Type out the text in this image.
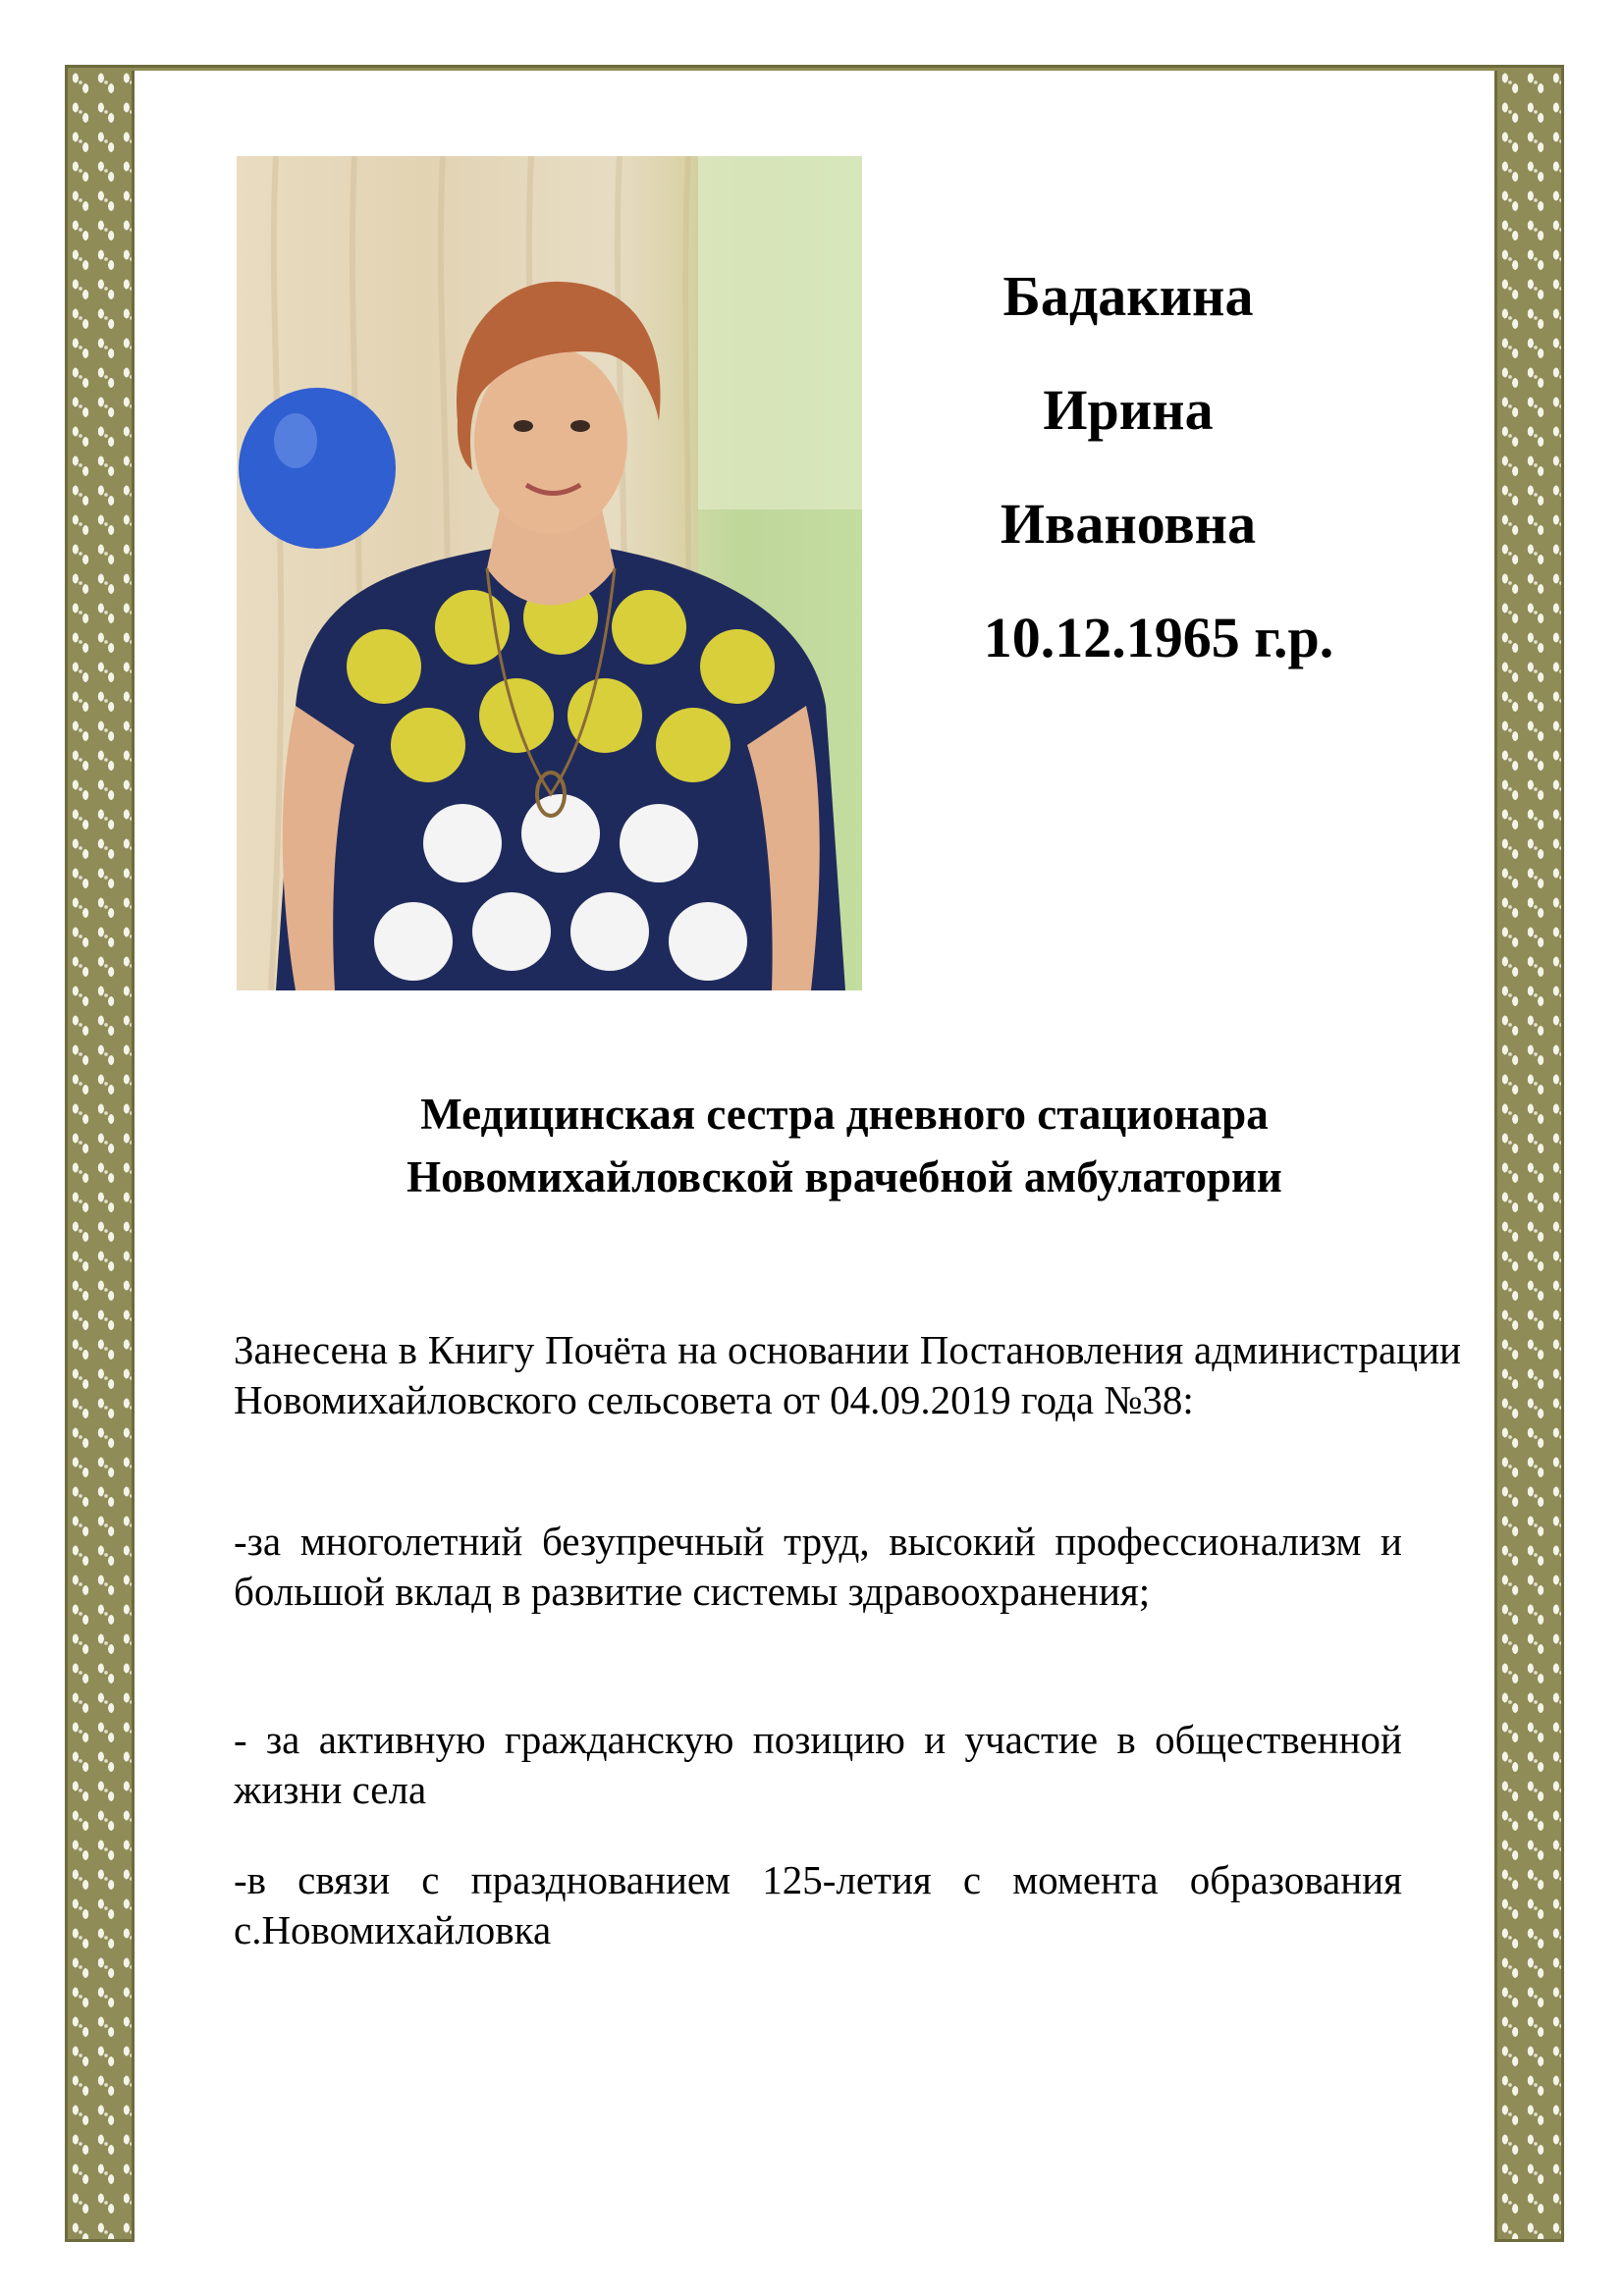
Бадакина
Ирина
Ивановна
10.12.1965 г.р.
Медицинская сестра дневного стационара
Новомихайловской врачебной амбулатории
Занесена в Книгу Почёта на основании Постановления администрации Новомихайловского сельсовета от 04.09.2019 года №38:
-за многолетний безупречный труд, высокий профессионализм и большой вклад в развитие системы здравоохранения;
- за активную гражданскую позицию и участие в общественной жизни села
-в связи с празднованием 125-летия с момента образования с.Новомихайловка
